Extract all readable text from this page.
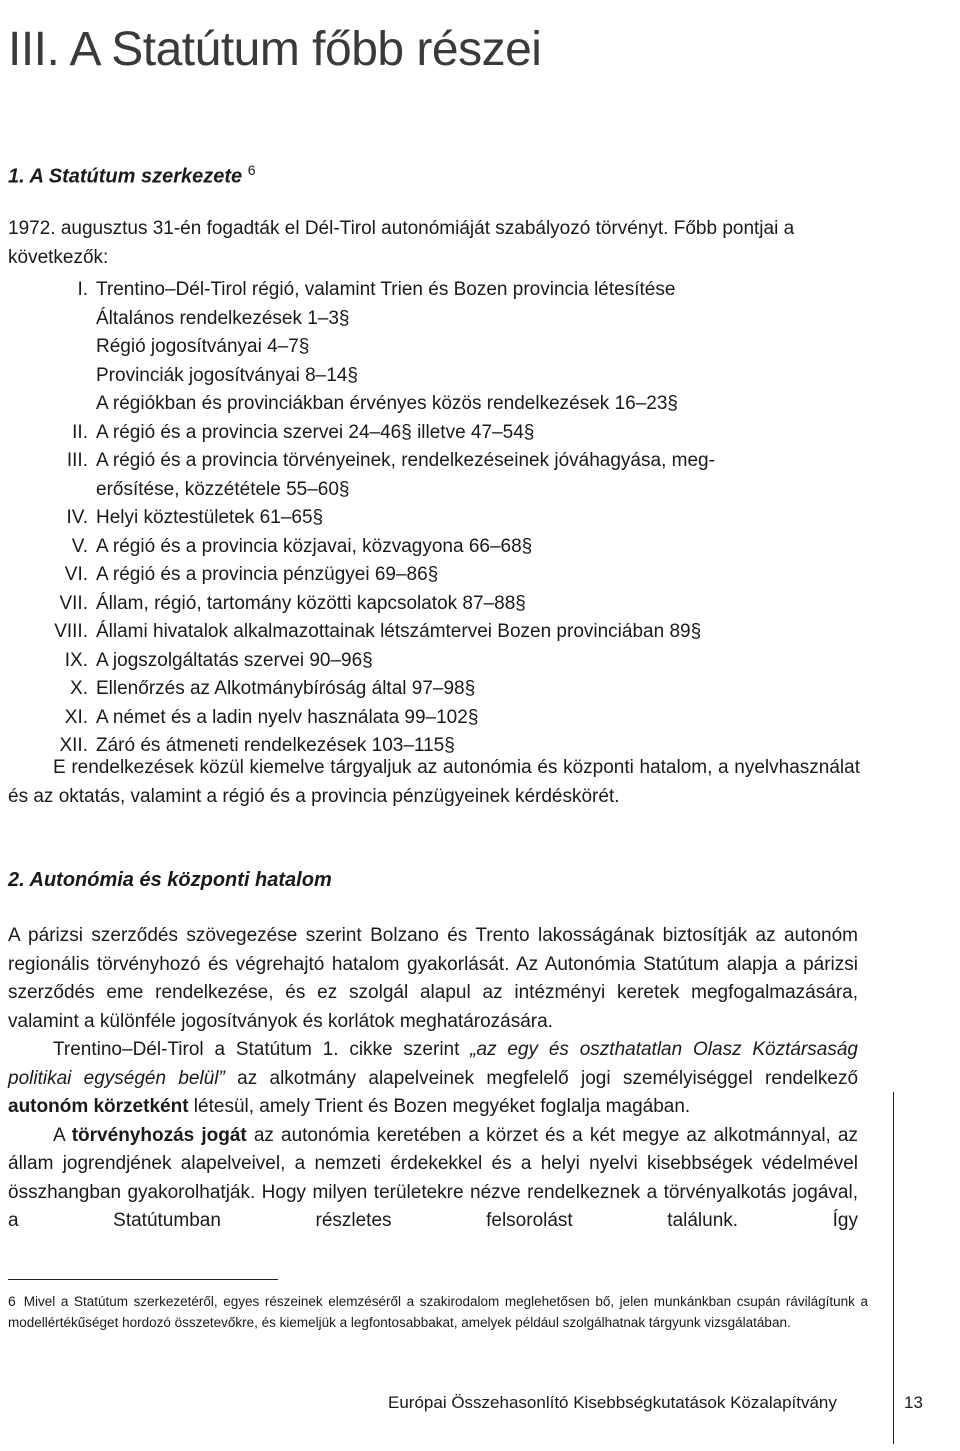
III. A Statútum főbb részei
1. A Statútum szerkezete $^6$
1972. augusztus 31-én fogadták el Dél-Tirol autonómiáját szabályozó törvényt. Főbb pontjai a következők:
I. Trentino–Dél-Tirol régió, valamint Trien és Bozen provincia létesítése
Általános rendelkezések 1–3§
Régió jogosítványai 4–7§
Provinciák jogosítványai 8–14§
A régiókban és provinciákban érvényes közös rendelkezések 16–23§
II. A régió és a provincia szervei 24–46§ illetve 47–54§
III. A régió és a provincia törvényeinek, rendelkezéseinek jóváhagyása, meg-
erősítése, közzététele 55–60§
IV. Helyi köztestületek 61–65§
V. A régió és a provincia közjavai, közvagyona 66–68§
VI. A régió és a provincia pénzügyei 69–86§
VII. Állam, régió, tartomány közötti kapcsolatok 87–88§
VIII. Állami hivatalok alkalmazottainak létszámtervei Bozen provinciában 89§
IX. A jogszolgáltatás szervei 90–96§
X. Ellenőrzés az Alkotmánybíróság által 97–98§
XI. A német és a ladin nyelv használata 99–102§
XII. Záró és átmeneti rendelkezések 103–115§

E rendelkezések közül kiemelve tárgyaljuk az autonómia és központi hatalom, a nyelvhasználat és az oktatás, valamint a régió és a provincia pénzügyeinek kérdéskörét.

2. Autonómia és központi hatalom

A párizsi szerződés szövegezése szerint Bolzano és Trento lakosságának biztosítják az autonóm regionális törvényhozó és végrehajtó hatalom gyakorlását. Az Autonómia Statútum alapja a párizsi szerződés eme rendelkezése, és ez szolgál alapul az intézményi keretek megfogalmazására, valamint a különféle jogosítványok és korlátok meghatározására.

Trentino–Dél-Tirol a Statútum 1. cikke szerint „az egy és oszthatatlan Olasz Köztársaság politikai egységén belül” az alkotmány alapelveinek megfelelő jogi személyiséggel rendelkező autonóm körzetként létesül, amely Trient és Bozen megyéket foglalja magában.

A törvényhozás jogát az autonómia keretében a körzet és a két megye az alkotmánnyal, az állam jogrendjének alapelveivel, a nemzeti érdekekkel és a helyi nyelvi kisebbségek védelmével összhangban gyakorolhatják. Hogy milyen területekre nézve rendelkeznek a törvényalkotás jogával, a Statútumban részletes felsorolást találunk. Így

6 Mivel a Statútum szerkezetéről, egyes részeinek elemzéséről a szakirodalom meglehetősen bő, jelen munkánkban csupán rávilágítunk a modellértékűséget hordozó összetevőkre, és kiemeljük a legfontosabbakat, amelyek például szolgálhatnak tárgyunk vizsgálatában.
Európai Összehasonlító Kisebbségkutatások Közalapítvány	13
